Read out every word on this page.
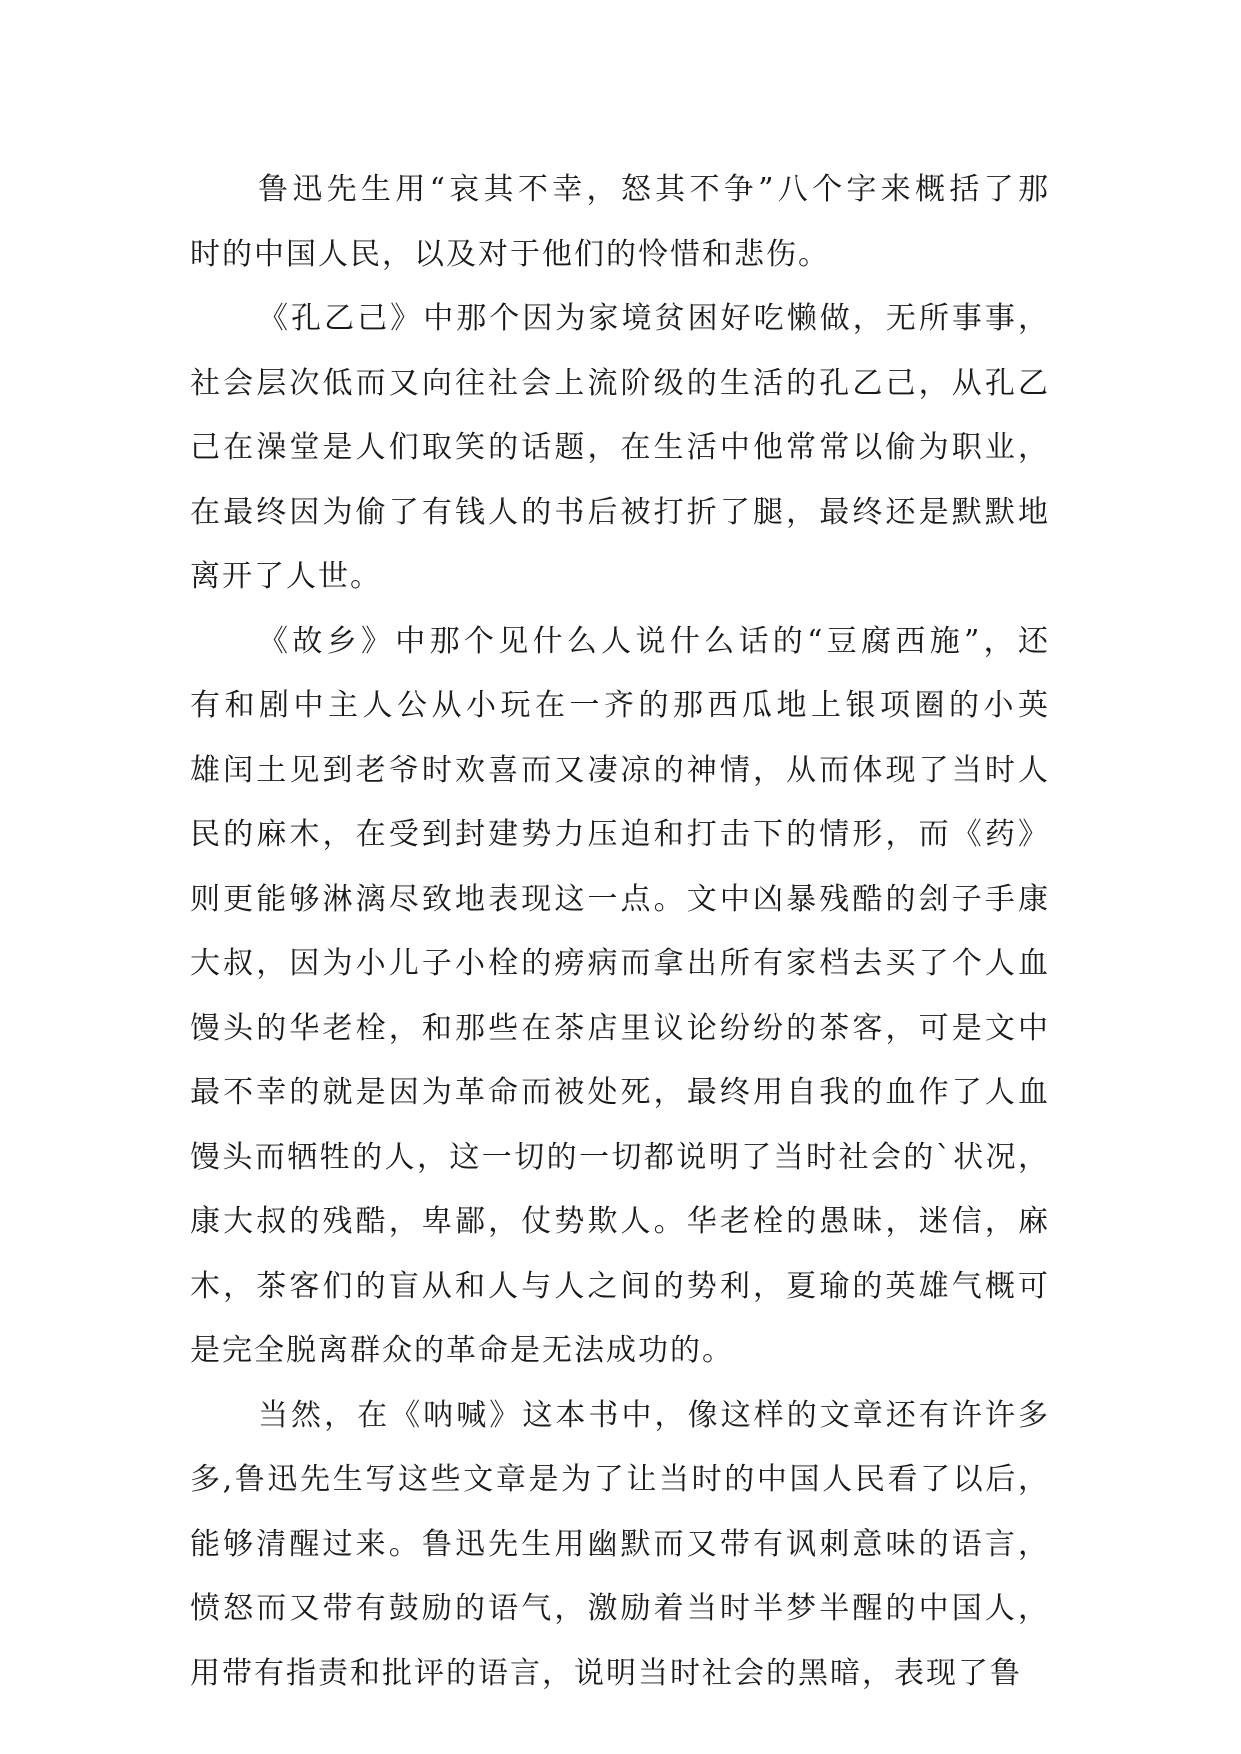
鲁迅先生用“哀其不幸，怒其不争”八个字来概括了那
时的中国人民，以及对于他们的怜惜和悲伤。
《孔乙己》中那个因为家境贫困好吃懒做，无所事事，
社会层次低而又向往社会上流阶级的生活的孔乙己，从孔乙
己在澡堂是人们取笑的话题，在生活中他常常以偷为职业，
在最终因为偷了有钱人的书后被打折了腿，最终还是默默地
离开了人世。
《故乡》中那个见什么人说什么话的“豆腐西施”，还
有和剧中主人公从小玩在一齐的那西瓜地上银项圈的小英
雄闰土见到老爷时欢喜而又凄凉的神情，从而体现了当时人
民的麻木，在受到封建势力压迫和打击下的情形，而《药》
则更能够淋漓尽致地表现这一点。文中凶暴残酷的刽子手康
大叔，因为小儿子小栓的痨病而拿出所有家档去买了个人血
馒头的华老栓，和那些在茶店里议论纷纷的茶客，可是文中
最不幸的就是因为革命而被处死，最终用自我的血作了人血
馒头而牺牲的人，这一切的一切都说明了当时社会的`状况，
康大叔的残酷，卑鄙，仗势欺人。华老栓的愚昧，迷信，麻
木，茶客们的盲从和人与人之间的势利，夏瑜的英雄气概可
是完全脱离群众的革命是无法成功的。
当然，在《呐喊》这本书中，像这样的文章还有许许多
多,鲁迅先生写这些文章是为了让当时的中国人民看了以后，
能够清醒过来。鲁迅先生用幽默而又带有讽刺意味的语言，
愤怒而又带有鼓励的语气，激励着当时半梦半醒的中国人，
用带有指责和批评的语言，说明当时社会的黑暗，表现了鲁
